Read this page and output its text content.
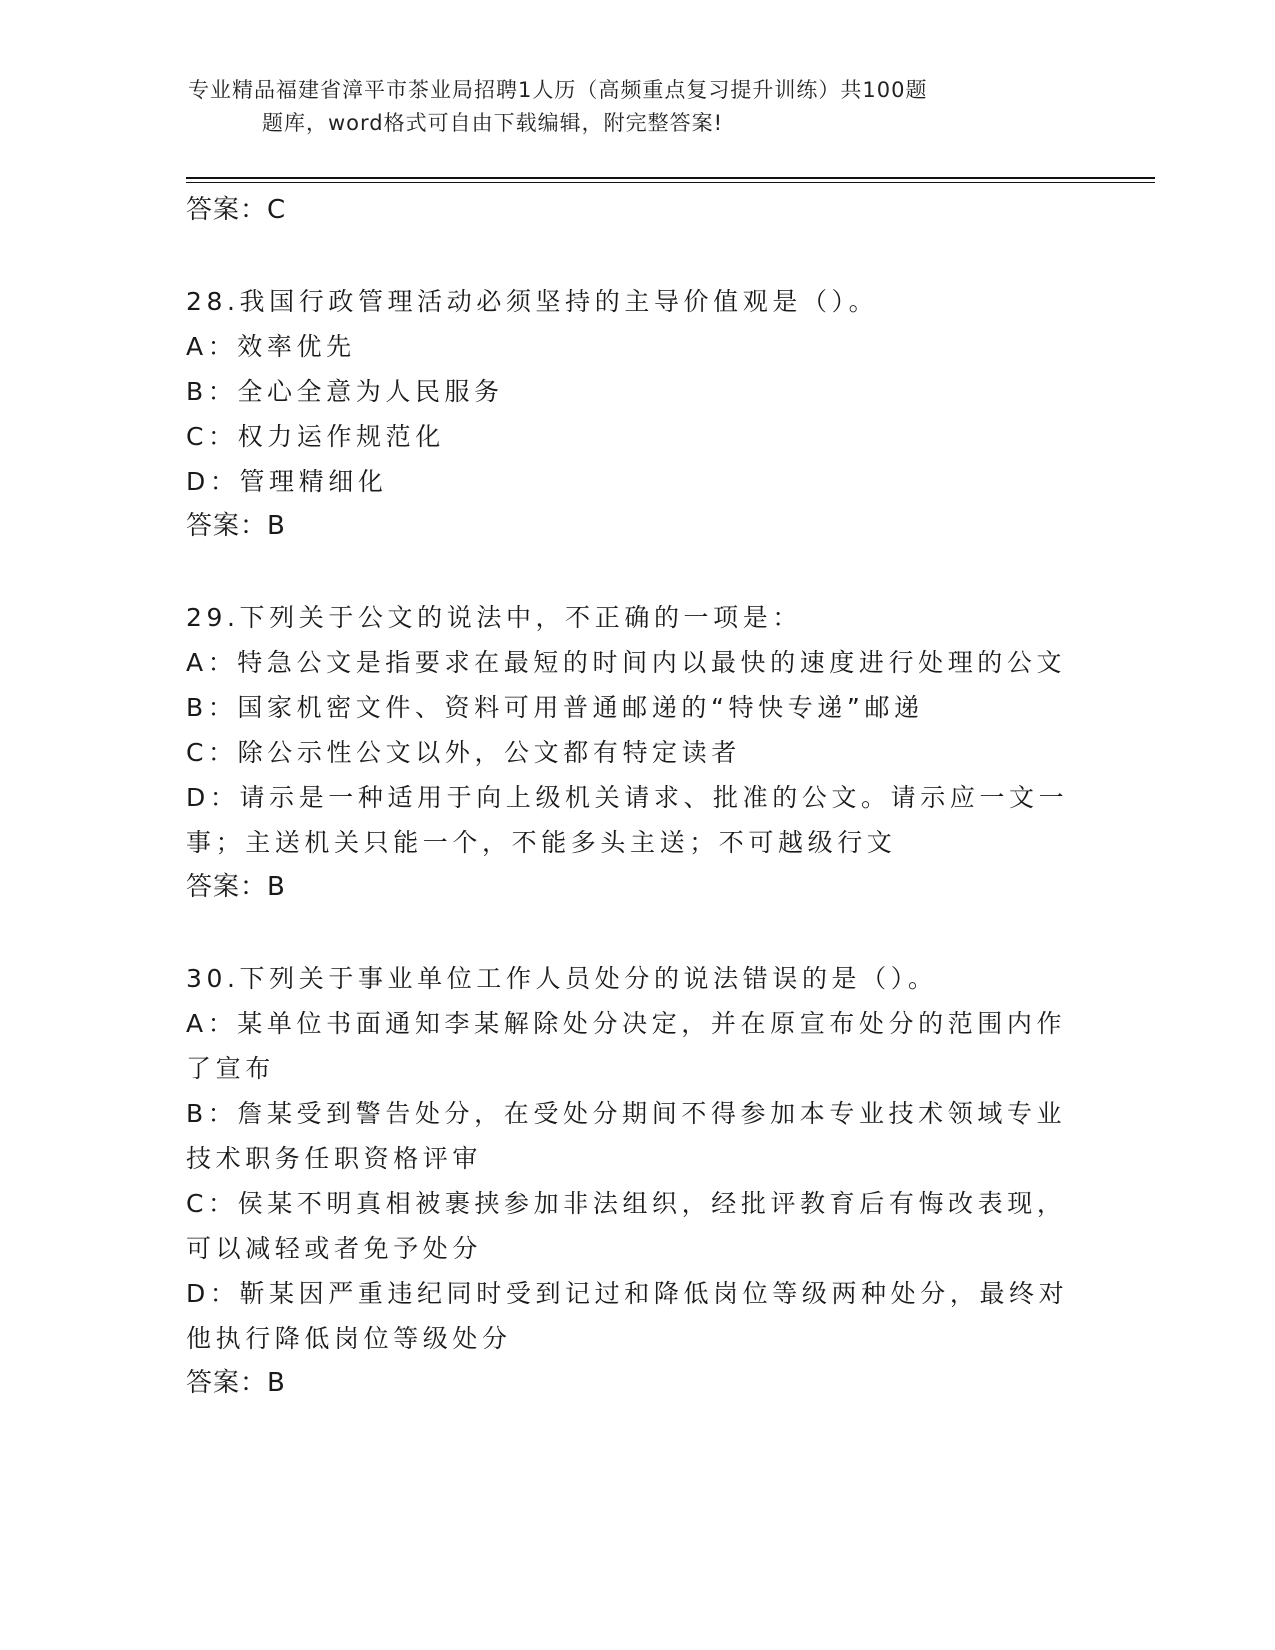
专业精品福建省漳平市茶业局招聘1人历（高频重点复习提升训练）共100题
题库，word格式可自由下载编辑，附完整答案!
答案：C
28.我国行政管理活动必须坚持的主导价值观是（）。
A：效率优先
B：全心全意为人民服务
C：权力运作规范化
D：管理精细化
答案：B
29.下列关于公文的说法中，不正确的一项是：
A：特急公文是指要求在最短的时间内以最快的速度进行处理的公文
B：国家机密文件、资料可用普通邮递的“特快专递”邮递
C：除公示性公文以外，公文都有特定读者
D：请示是一种适用于向上级机关请求、批准的公文。请示应一文一事；主送机关只能一个，不能多头主送；不可越级行文
答案：B
30.下列关于事业单位工作人员处分的说法错误的是（）。
A：某单位书面通知李某解除处分决定，并在原宣布处分的范围内作了宣布
B：詹某受到警告处分，在受处分期间不得参加本专业技术领域专业技术职务任职资格评审
C：侯某不明真相被裹挟参加非法组织，经批评教育后有悔改表现，可以减轻或者免予处分
D：靳某因严重违纪同时受到记过和降低岗位等级两种处分，最终对他执行降低岗位等级处分
答案：B
